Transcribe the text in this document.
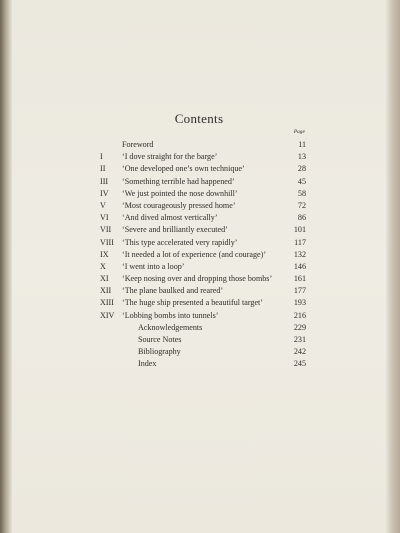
Contents
Page
Foreword	11
I ‘I dove straight for the barge’	13
II ‘One developed one’s own technique’	28
III ‘Something terrible had happened’	45
IV ‘We just pointed the nose downhill’	58
V ‘Most courageously pressed home’	72
VI ‘And dived almost vertically’	86
VII ‘Severe and brilliantly executed’	101
VIII ‘This type accelerated very rapidly’	117
IX ‘It needed a lot of experience (and courage)’	132
X ‘I went into a loop’	146
XI ‘Keep nosing over and dropping those bombs’	161
XII ‘The plane baulked and reared’	177
XIII ‘The huge ship presented a beautiful target’	193
XIV ‘Lobbing bombs into tunnels’	216
Acknowledgements	229
Source Notes	231
Bibliography	242
Index	245
